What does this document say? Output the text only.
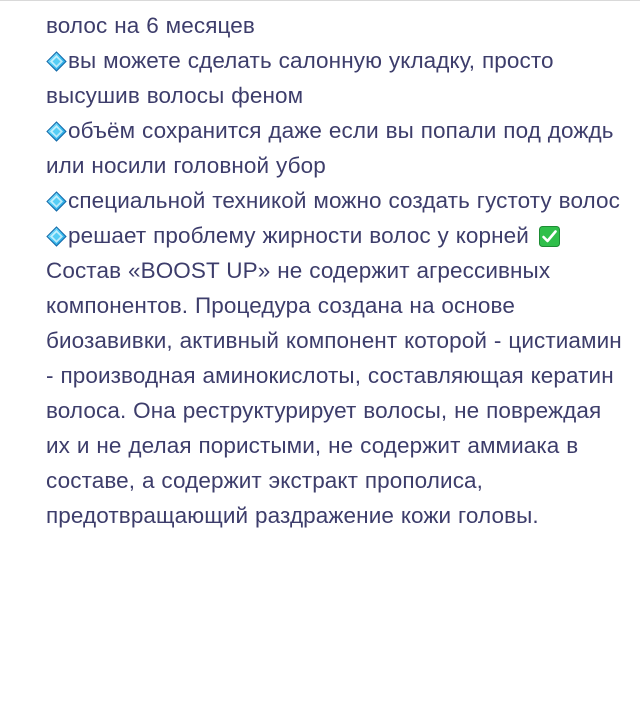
волос на 6 месяцев

вы можете сделать салонную укладку, просто высушив волосы феном

объём сохранится даже если вы попали под дождь или носили головной убор

специальной техникой можно создать густоту волос

решает проблему жирности волос у корней
Состав «BOOST UP» не содержит агрессивных компонентов. Процедура создана на основе биозавивки, активный компонент которой - цистиамин - производная аминокислоты, составляющая кератин волоса. Она реструктурирует волосы, не повреждая их и не делая пористыми, не содержит аммиака в составе, а содержит экстракт прополиса, предотвращающий раздражение кожи головы.
